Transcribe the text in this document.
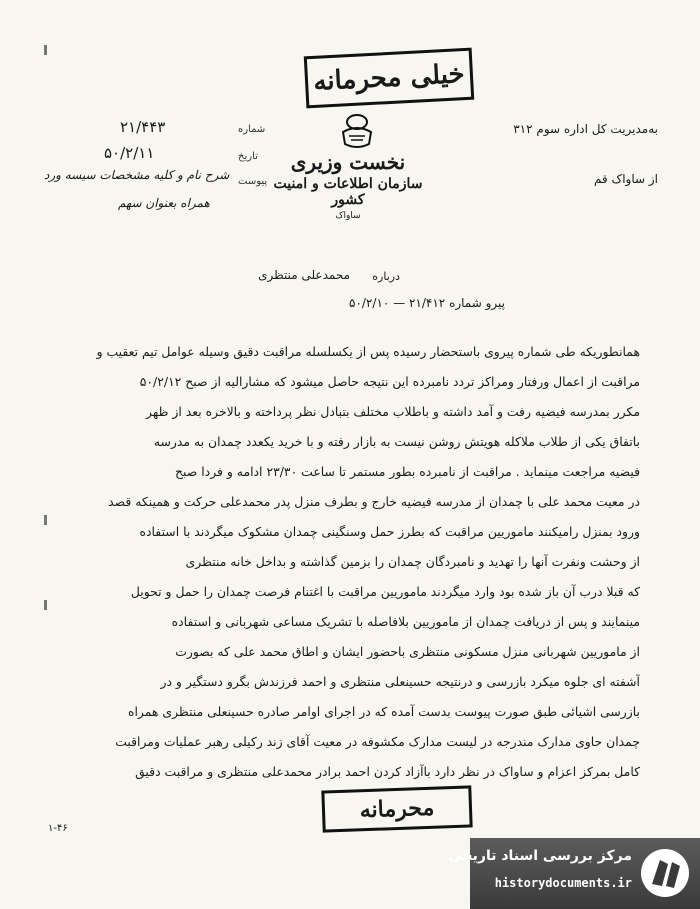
خیلی محرمانه
شماره
۲۱/۴۴۳
تاریخ
۵۰/۲/۱۱
پیوست
شرح نام و کلیه مشخصات سیسه ورد
همراه بعنوان سهم
نخست وزیری
سازمان اطلاعات و امنیت کشور
ساواک
به‌مدیریت کل اداره سوم ۳۱۲
از ساواک قم
درباره
محمدعلی منتظری
پیرو شماره ۲۱/۴۱۲ — ۵۰/۲/۱۰

همانطوریکه طی شماره پیروی باستحضار رسیده پس از یکسلسله مراقبت دقیق وسیله عوامل تیم تعقیب و

مراقبت از اعمال ورفتار ومراکز تردد نامبرده این نتیجه حاصل میشود که مشارالیه از صبح ۵۰/۲/۱۲

مکرر بمدرسه فیضیه رفت و آمد داشته و باطلاب مختلف بتبادل نظر پرداخته و بالاخره بعد از ظهر

باتفاق یکی از طلاب ملاکله هویتش روشن نیست به بازار رفته و با خرید یکعدد چمدان به مدرسه

فیضیه مراجعت مینماید . مراقبت از نامبرده بطور مستمر تا ساعت ۲۳/۳۰ ادامه و فردا صبح

در معیت محمد علی با چمدان از مدرسه فیضیه خارج و بطرف منزل پدر محمدعلی حرکت و همینکه قصد

ورود بمنزل رامیکنند ماموریین مراقبت که بطرز حمل وسنگینی چمدان مشکوک میگردند با استفاده

از وحشت ونفرت آنها را تهدید و نامبردگان چمدان را بزمین گذاشته و بداخل خانه منتظری

که قبلا درب آن باز شده بود وارد میگردند ماموریین مراقبت با اغتنام فرصت چمدان را حمل و تحویل

مینمایند و پس از دریافت چمدان از ماموریین بلافاصله با تشریک مساعی شهربانی و استفاده

از ماموریین شهربانی منزل مسکونی منتظری باحضور ایشان و اطاق محمد علی که بصورت

آشفته ای جلوه میکرد بازرسی و درنتیجه حسینعلی منتظری و احمد فرزندش بگرو دستگیر و در

بازرسی اشیائی طبق صورت پیوست بدست آمده که در اجرای اوامر صادره حسینعلی منتظری همراه

چمدان حاوی مدارک مندرجه در لیست مدارک مکشوفه در معیت آقای زند رکیلی رهبر عملیات ومراقبت

کامل بمرکز اعزام و ساواک در نظر دارد باآزاد کردن احمد برادر محمدعلی منتظری و مراقبت دقیق

محرمانه
۱-۴۶
مرکز بررسی اسناد تاریخی
historydocuments.ir
